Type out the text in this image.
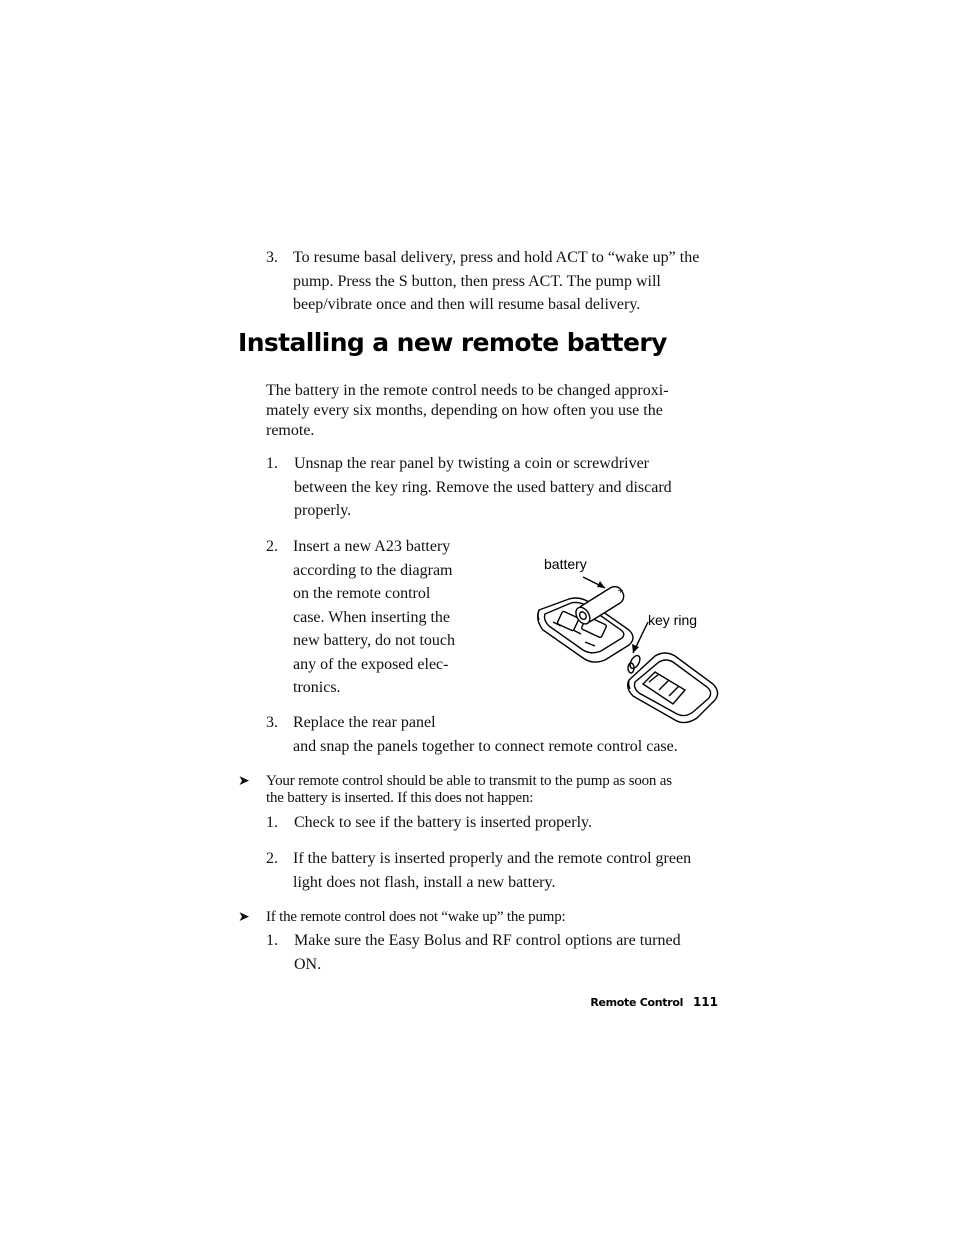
3. To resume basal delivery, press and hold ACT to “wake up” the
pump. Press the S button, then press ACT. The pump will
beep/vibrate once and then will resume basal delivery.
Installing a new remote battery
The battery in the remote control needs to be changed approxi-
mately every six months, depending on how often you use the
remote.
1. Unsnap the rear panel by twisting a coin or screwdriver
between the key ring. Remove the used battery and discard
properly.
2. Insert a new A23 battery
according to the diagram
on the remote control
case. When inserting the
new battery, do not touch
any of the exposed elec-
tronics.
battery
key ring
+
3. Replace the rear panel
and snap the panels together to connect remote control case.
➤ Your remote control should be able to transmit to the pump as soon as
the battery is inserted. If this does not happen:
1. Check to see if the battery is inserted properly.
2. If the battery is inserted properly and the remote control green
light does not flash, install a new battery.
➤ If the remote control does not “wake up” the pump:
1. Make sure the Easy Bolus and RF control options are turned
ON.
Remote Control 111
